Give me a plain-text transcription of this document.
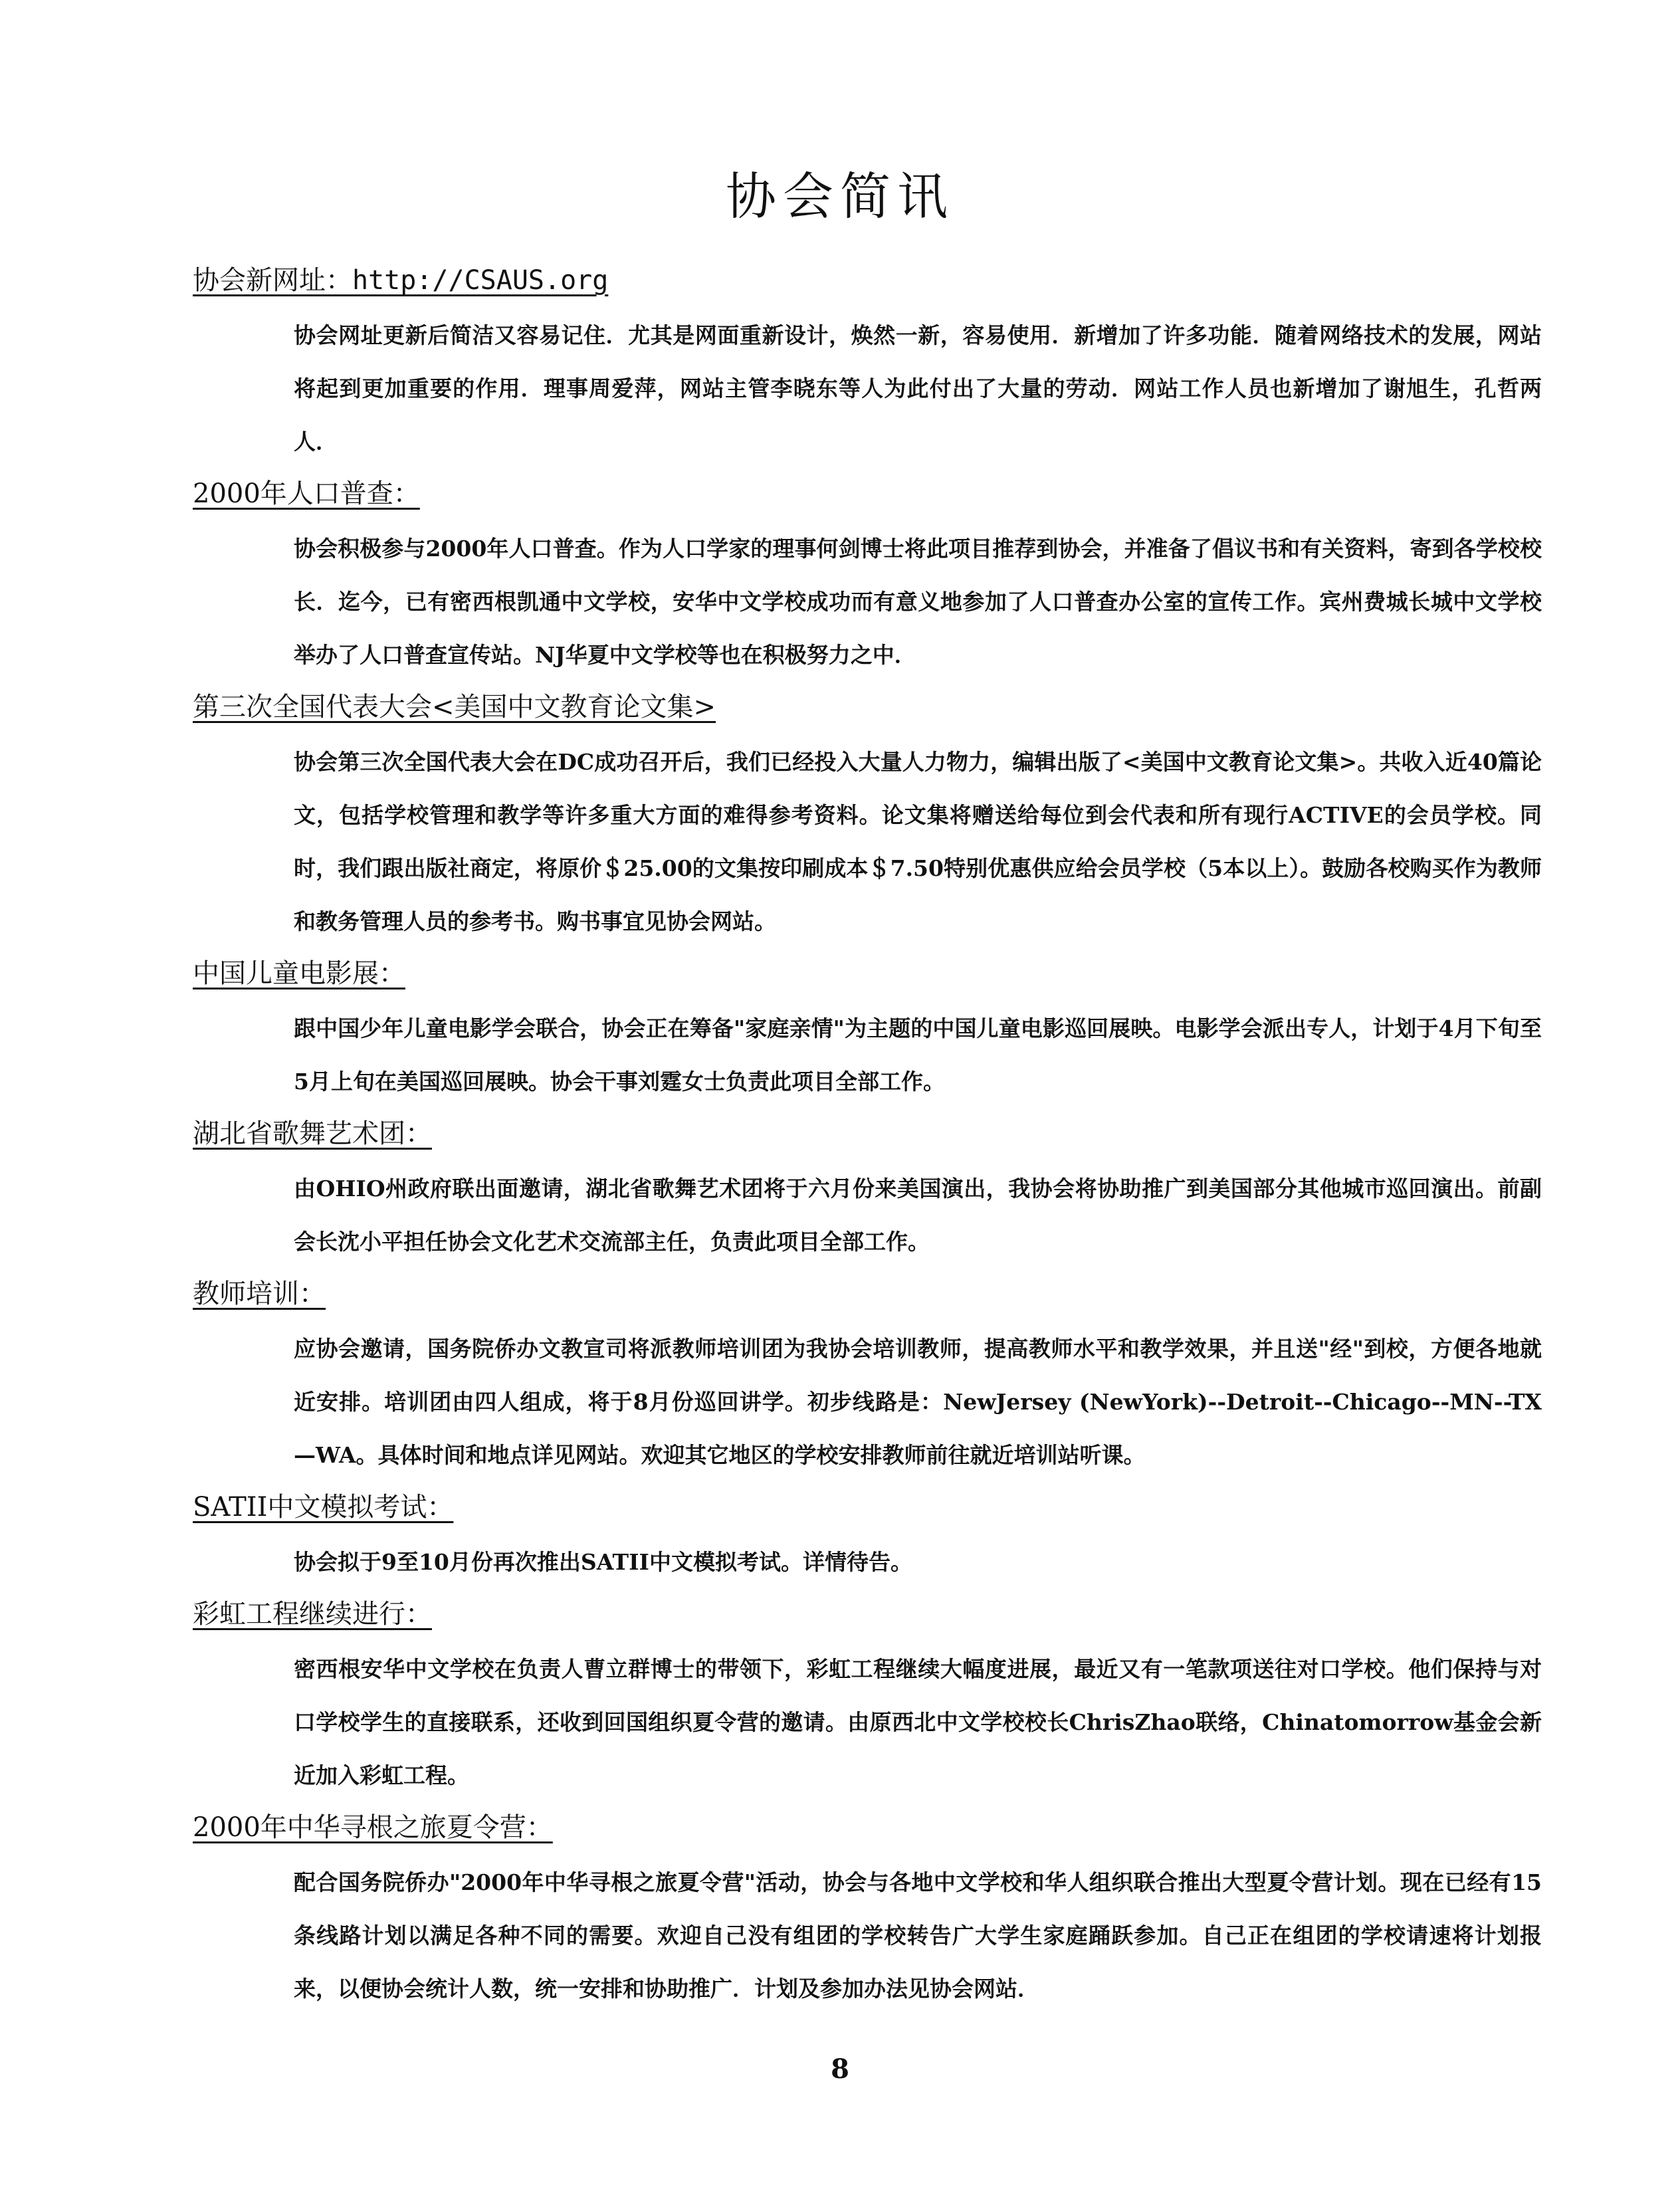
协会简讯
协会新网址：http://CSAUS.org
协会网址更新后简洁又容易记住．尤其是网面重新设计，焕然一新，容易使用．新增加了许多功能．随着网络技术的发展，网站将起到更加重要的作用．理事周爱萍，网站主管李晓东等人为此付出了大量的劳动．网站工作人员也新增加了谢旭生，孔哲两人．
2000年人口普查：
协会积极参与2000年人口普查。作为人口学家的理事何剑博士将此项目推荐到协会，并准备了倡议书和有关资料，寄到各学校校长．迄今，已有密西根凯通中文学校，安华中文学校成功而有意义地参加了人口普查办公室的宣传工作。宾州费城长城中文学校举办了人口普查宣传站。NJ华夏中文学校等也在积极努力之中．
第三次全国代表大会<美国中文教育论文集>
协会第三次全国代表大会在DC成功召开后，我们已经投入大量人力物力，编辑出版了<美国中文教育论文集>。共收入近40篇论文，包括学校管理和教学等许多重大方面的难得参考资料。论文集将赠送给每位到会代表和所有现行ACTIVE的会员学校。同时，我们跟出版社商定，将原价＄25.00的文集按印刷成本＄7.50特别优惠供应给会员学校（5本以上）。鼓励各校购买作为教师和教务管理人员的参考书。购书事宜见协会网站。
中国儿童电影展：
跟中国少年儿童电影学会联合，协会正在筹备"家庭亲情"为主题的中国儿童电影巡回展映。电影学会派出专人，计划于4月下旬至5月上旬在美国巡回展映。协会干事刘霆女士负责此项目全部工作。
湖北省歌舞艺术团：
由OHIO州政府联出面邀请，湖北省歌舞艺术团将于六月份来美国演出，我协会将协助推广到美国部分其他城市巡回演出。前副会长沈小平担任协会文化艺术交流部主任，负责此项目全部工作。
教师培训：
应协会邀请，国务院侨办文教宣司将派教师培训团为我协会培训教师，提高教师水平和教学效果，并且送"经"到校，方便各地就近安排。培训团由四人组成，将于8月份巡回讲学。初步线路是：NewJersey (NewYork)--Detroit--Chicago--MN--TX—WA。具体时间和地点详见网站。欢迎其它地区的学校安排教师前往就近培训站听课。
SATII中文模拟考试：
协会拟于9至10月份再次推出SATII中文模拟考试。详情待告。
彩虹工程继续进行：
密西根安华中文学校在负责人曹立群博士的带领下，彩虹工程继续大幅度进展，最近又有一笔款项送往对口学校。他们保持与对口学校学生的直接联系，还收到回国组织夏令营的邀请。由原西北中文学校校长ChrisZhao联络，Chinatomorrow基金会新近加入彩虹工程。
2000年中华寻根之旅夏令营：
配合国务院侨办"2000年中华寻根之旅夏令营"活动，协会与各地中文学校和华人组织联合推出大型夏令营计划。现在已经有15条线路计划以满足各种不同的需要。欢迎自己没有组团的学校转告广大学生家庭踊跃参加。自己正在组团的学校请速将计划报来，以便协会统计人数，统一安排和协助推广．计划及参加办法见协会网站．
8
